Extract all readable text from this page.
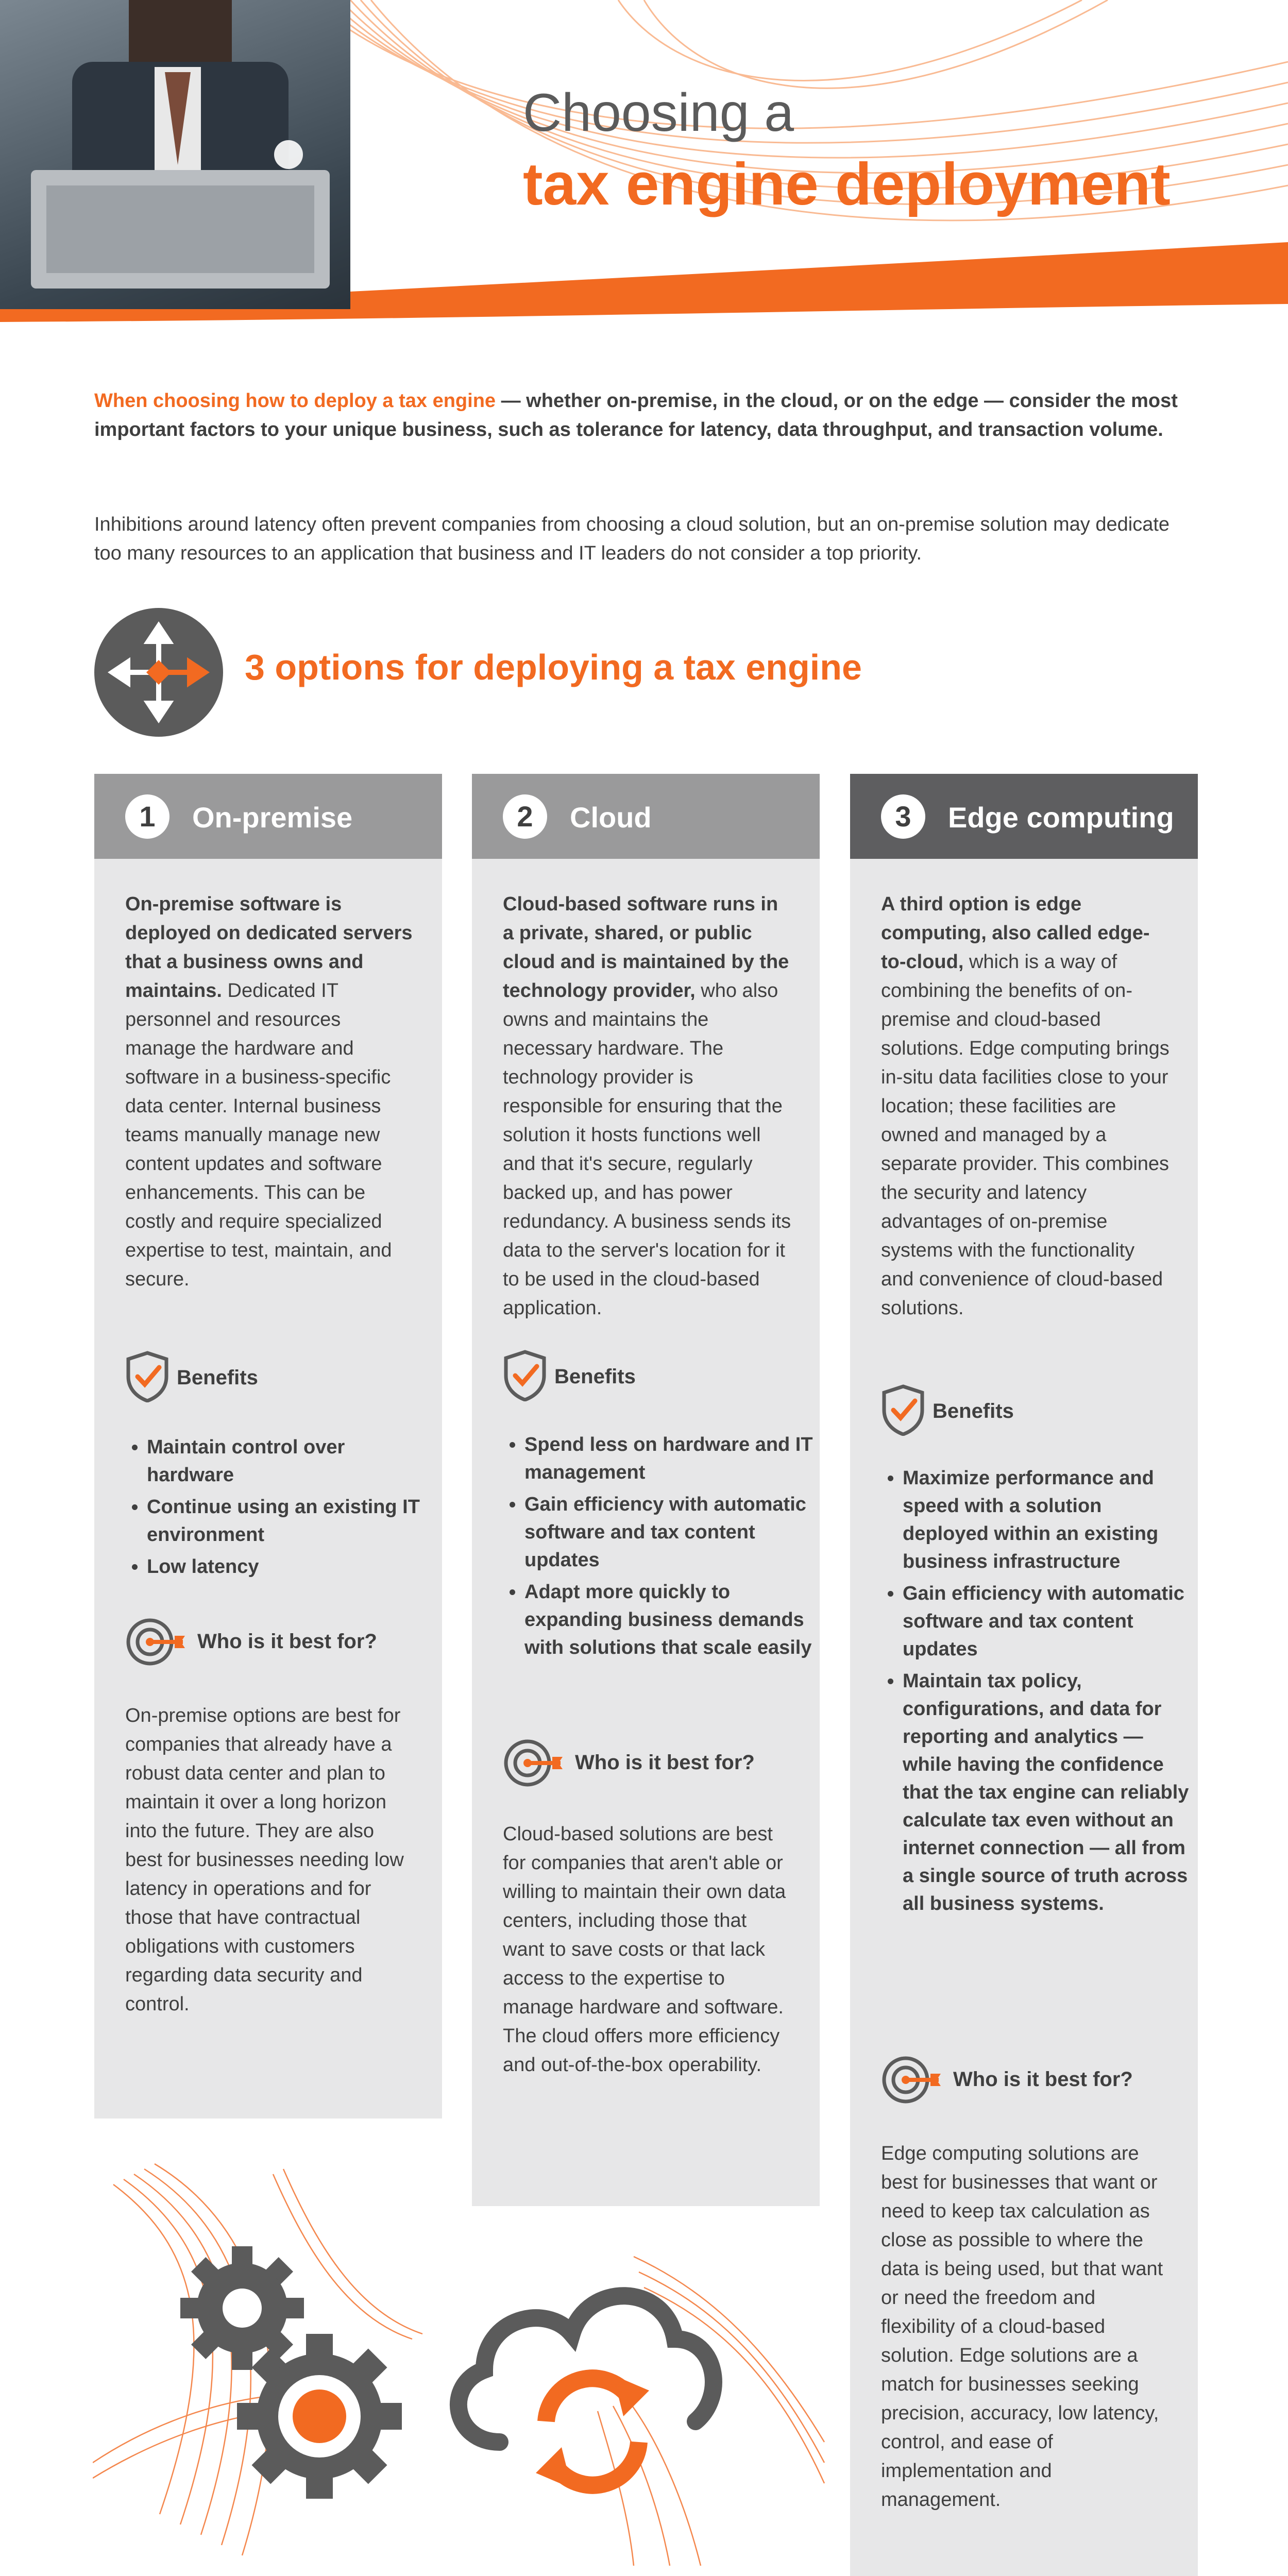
Choosing a
tax engine deployment
When choosing how to deploy a tax engine — whether on-premise, in the cloud, or on the edge — consider the most important factors to your unique business, such as tolerance for latency, data throughput, and transaction volume.
Inhibitions around latency often prevent companies from choosing a cloud solution, but an on-premise solution may dedicate too many resources to an application that business and IT leaders do not consider a top priority.
3 options for deploying a tax engine
1	On-premise
On-premise software is deployed on dedicated servers that a business owns and maintains. Dedicated IT personnel and resources manage the hardware and software in a business-specific data center. Internal business teams manually manage new content updates and software enhancements. This can be costly and require specialized expertise to test, maintain, and secure.
Benefits
• Maintain control over hardware
• Continue using an existing IT environment
• Low latency
Who is it best for?
On-premise options are best for companies that already have a robust data center and plan to maintain it over a long horizon into the future. They are also best for businesses needing low latency in operations and for those that have contractual obligations with customers regarding data security and control.
2	Cloud
Cloud-based software runs in a private, shared, or public cloud and is maintained by the technology provider, who also owns and maintains the necessary hardware. The technology provider is responsible for ensuring that the solution it hosts functions well and that it's secure, regularly backed up, and has power redundancy. A business sends its data to the server's location for it to be used in the cloud-based application.
Benefits
• Spend less on hardware and IT management
• Gain efficiency with automatic software and tax content updates
• Adapt more quickly to expanding business demands with solutions that scale easily
Who is it best for?
Cloud-based solutions are best for companies that aren't able or willing to maintain their own data centers, including those that want to save costs or that lack access to the expertise to manage hardware and software. The cloud offers more efficiency and out-of-the-box operability.
3	Edge computing
A third option is edge computing, also called edge-to-cloud, which is a way of combining the benefits of on-premise and cloud-based solutions. Edge computing brings in-situ data facilities close to your location; these facilities are owned and managed by a separate provider. This combines the security and latency advantages of on-premise systems with the functionality and convenience of cloud-based solutions.
Benefits
• Maximize performance and speed with a solution deployed within an existing business infrastructure
• Gain efficiency with automatic software and tax content updates
• Maintain tax policy, configurations, and data for reporting and analytics — while having the confidence that the tax engine can reliably calculate tax even without an internet connection — all from a single source of truth across all business systems.
Who is it best for?
Edge computing solutions are best for businesses that want or need to keep tax calculation as close as possible to where the data is being used, but that want or need the freedom and flexibility of a cloud-based solution. Edge solutions are a match for businesses seeking precision, accuracy, low latency, control, and ease of implementation and management.
